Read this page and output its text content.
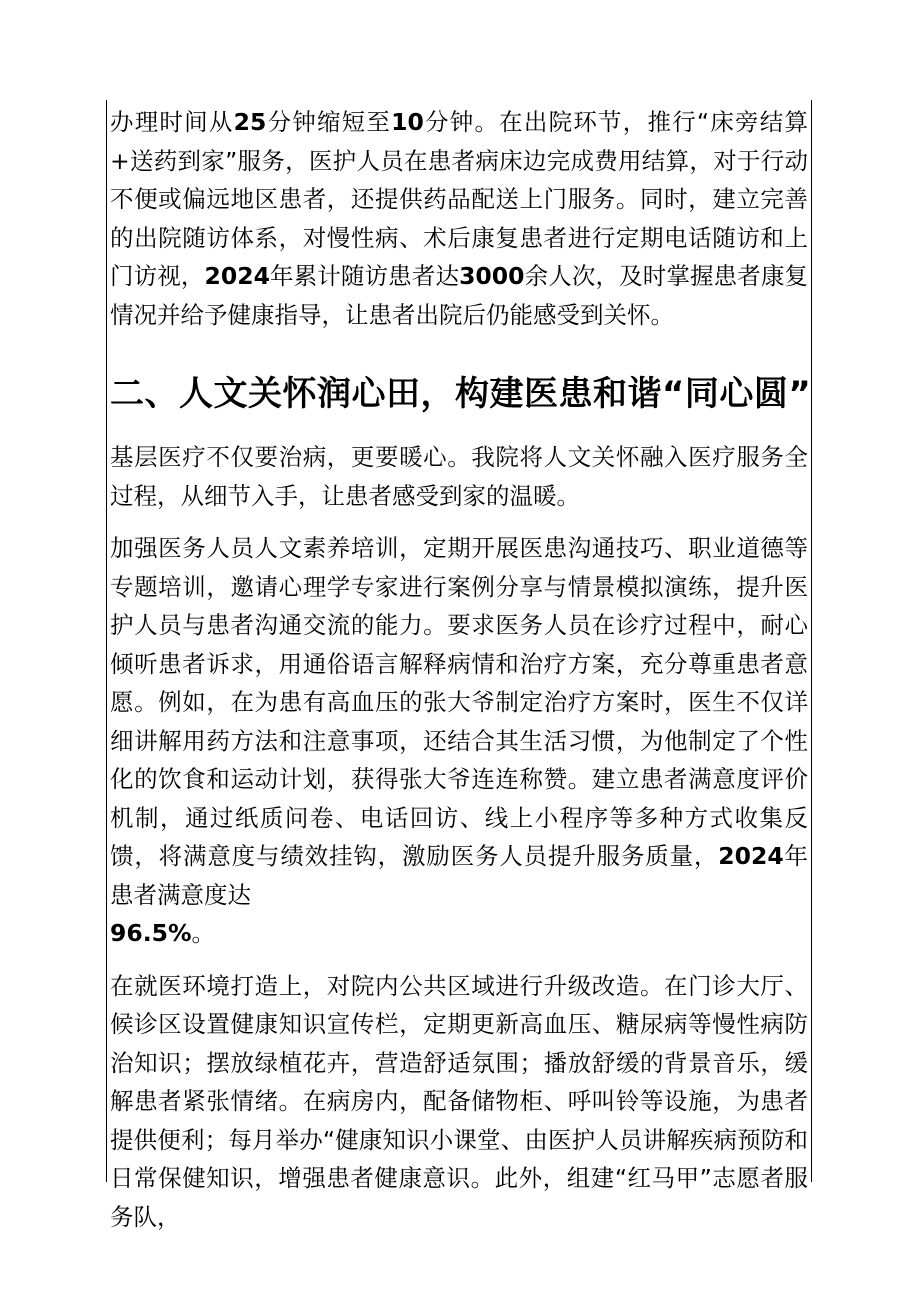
办理时间从25分钟缩短至10分钟。在出院环节，推行“床旁结算+送药到家”服务，医护人员在患者病床边完成费用结算，对于行动不便或偏远地区患者，还提供药品配送上门服务。同时，建立完善的出院随访体系，对慢性病、术后康复患者进行定期电话随访和上门访视，2024年累计随访患者达3000余人次，及时掌握患者康复情况并给予健康指导，让患者出院后仍能感受到关怀。

二、人文关怀润心田，构建医患和谐“同心圆”

基层医疗不仅要治病，更要暖心。我院将人文关怀融入医疗服务全过程，从细节入手，让患者感受到家的温暖。

加强医务人员人文素养培训，定期开展医患沟通技巧、职业道德等专题培训，邀请心理学专家进行案例分享与情景模拟演练，提升医护人员与患者沟通交流的能力。要求医务人员在诊疗过程中，耐心倾听患者诉求，用通俗语言解释病情和治疗方案，充分尊重患者意愿。例如，在为患有高血压的张大爷制定治疗方案时，医生不仅详细讲解用药方法和注意事项，还结合其生活习惯，为他制定了个性化的饮食和运动计划，获得张大爷连连称赞。建立患者满意度评价机制，通过纸质问卷、电话回访、线上小程序等多种方式收集反馈，将满意度与绩效挂钩，激励医务人员提升服务质量，2024年患者满意度达
96.5%。

在就医环境打造上，对院内公共区域进行升级改造。在门诊大厅、候诊区设置健康知识宣传栏，定期更新高血压、糖尿病等慢性病防治知识；摆放绿植花卉，营造舒适氛围；播放舒缓的背景音乐，缓解患者紧张情绪。在病房内，配备储物柜、呼叫铃等设施，为患者提供便利；每月举办“健康知识小课堂、由医护人员讲解疾病预防和日常保健知识，增强患者健康意识。此外，组建“红马甲”志愿者服务队，
